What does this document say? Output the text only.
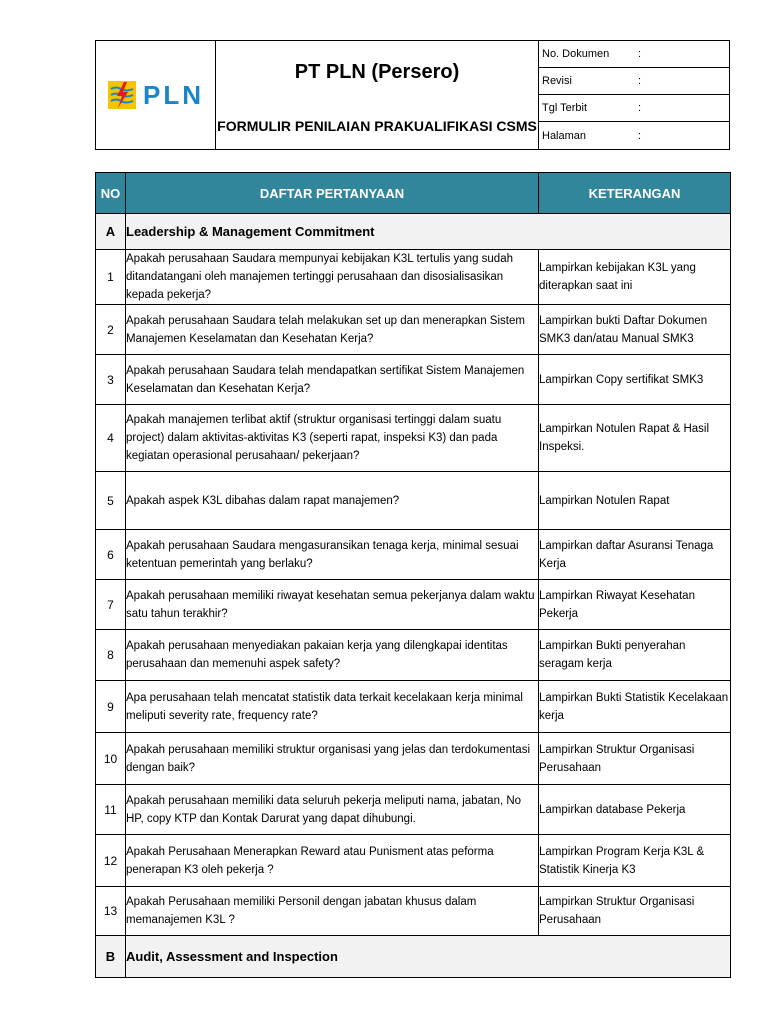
PLN
PT PLN (Persero)
FORMULIR PENILAIAN PRAKUALIFIKASI CSMS
No. Dokumen	:
Revisi	:
Tgl Terbit	:
Halaman	:
NO	DAFTAR PERTANYAAN	KETERANGAN
A	Leadership & Management Commitment	
1	Apakah perusahaan Saudara mempunyai kebijakan K3L tertulis yang sudah ditandatangani oleh manajemen tertinggi perusahaan dan disosialisasikan kepada pekerja?	Lampirkan kebijakan K3L yang diterapkan saat ini
2	Apakah perusahaan Saudara telah melakukan set up dan menerapkan Sistem Manajemen Keselamatan dan Kesehatan Kerja?	Lampirkan bukti Daftar Dokumen SMK3 dan/atau Manual SMK3
3	Apakah perusahaan Saudara telah mendapatkan sertifikat Sistem Manajemen Keselamatan dan Kesehatan Kerja?	Lampirkan Copy sertifikat SMK3
4	Apakah manajemen terlibat aktif (struktur organisasi tertinggi dalam suatu project) dalam aktivitas-aktivitas K3 (seperti rapat, inspeksi K3) dan pada kegiatan operasional perusahaan/ pekerjaan?	Lampirkan Notulen Rapat & Hasil Inspeksi.
5	Apakah aspek K3L dibahas dalam rapat manajemen?	Lampirkan Notulen Rapat
6	Apakah perusahaan Saudara mengasuransikan tenaga kerja, minimal sesuai ketentuan pemerintah yang berlaku?	Lampirkan daftar Asuransi Tenaga Kerja
7	Apakah perusahaan memiliki riwayat kesehatan semua pekerjanya dalam waktu satu tahun terakhir?	Lampirkan Riwayat Kesehatan Pekerja
8	Apakah perusahaan menyediakan pakaian kerja yang dilengkapai identitas perusahaan dan memenuhi aspek safety?	Lampirkan Bukti penyerahan seragam kerja
9	Apa perusahaan telah mencatat statistik data terkait kecelakaan kerja minimal meliputi severity rate, frequency rate?	Lampirkan Bukti Statistik Kecelakaan kerja
10	Apakah perusahaan memiliki struktur organisasi yang jelas dan terdokumentasi dengan baik?	Lampirkan Struktur Organisasi Perusahaan
11	Apakah perusahaan memiliki data seluruh pekerja meliputi nama, jabatan, No HP, copy KTP dan Kontak Darurat yang dapat dihubungi.	Lampirkan database Pekerja
12	Apakah Perusahaan Menerapkan Reward atau Punisment atas peforma penerapan K3 oleh pekerja ?	Lampirkan Program Kerja K3L & Statistik Kinerja K3
13	Apakah Perusahaan memiliki Personil dengan jabatan khusus dalam memanajemen K3L ?	Lampirkan Struktur Organisasi Perusahaan
B	Audit, Assessment and Inspection	
